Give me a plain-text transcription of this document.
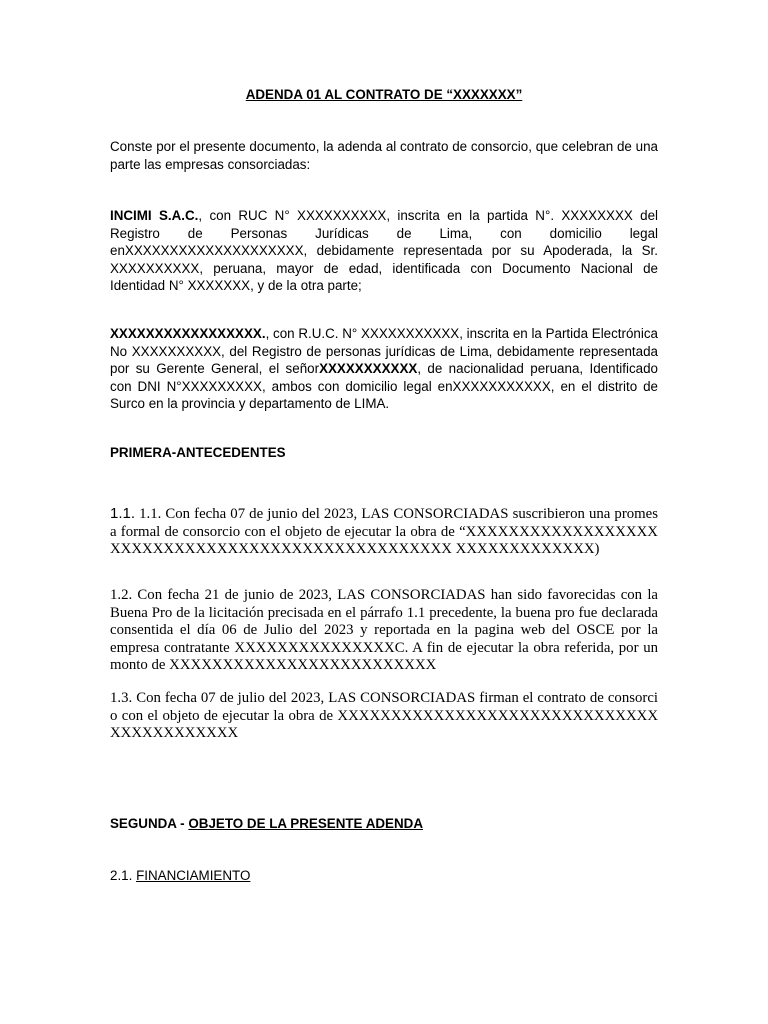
ADENDA 01 AL CONTRATO DE “XXXXXXX”

Conste por el presente documento, la adenda al contrato de consorcio, que celebran de una parte las empresas consorciadas:

INCIMI S.A.C., con RUC N° XXXXXXXXXX, inscrita en la partida N°. XXXXXXXX del Registro de Personas Jurídicas de Lima, con domicilio legal enXXXXXXXXXXXXXXXXXXXX, debidamente representada por su Apoderada, la Sr. XXXXXXXXXX, peruana, mayor de edad, identificada con Documento Nacional de Identidad N° XXXXXXX, y de la otra parte;

XXXXXXXXXXXXXXXXX., con R.U.C. N° XXXXXXXXXXX, inscrita en la Partida Electrónica No XXXXXXXXXX, del Registro de personas jurídicas de Lima, debidamente representada por su Gerente General, el señorXXXXXXXXXXX, de nacionalidad peruana, Identificado con DNI N°XXXXXXXXX, ambos con domicilio legal enXXXXXXXXXXX, en el distrito de Surco en la provincia y departamento de LIMA.

PRIMERA-ANTECEDENTES

1.1. 1.1. Con fecha 07 de junio del 2023, LAS CONSORCIADAS suscribieron una promesa formal de consorcio con el objeto de ejecutar la obra de “XXXXXXXXXXXXXXXXXXXXXXXXXXXXXXXXXXXXXXXXXXXXXXXXXX XXXXXXXXXXXXX)

1.2. Con fecha 21 de junio de 2023, LAS CONSORCIADAS han sido favorecidas con la Buena Pro de la licitación precisada en el párrafo 1.1 precedente, la buena pro fue declarada consentida el día 06 de Julio del 2023 y reportada en la pagina web del OSCE por la empresa contratante XXXXXXXXXXXXXXXC. A fin de ejecutar la obra referida, por un monto de XXXXXXXXXXXXXXXXXXXXXXXXX

1.3. Con fecha 07 de julio del 2023, LAS CONSORCIADAS firman el contrato de consorcio con el objeto de ejecutar la obra de XXXXXXXXXXXXXXXXXXXXXXXXXXXXXXXXXXXXXXXXXX

SEGUNDA - OBJETO DE LA PRESENTE ADENDA
2.1. FINANCIAMIENTO
